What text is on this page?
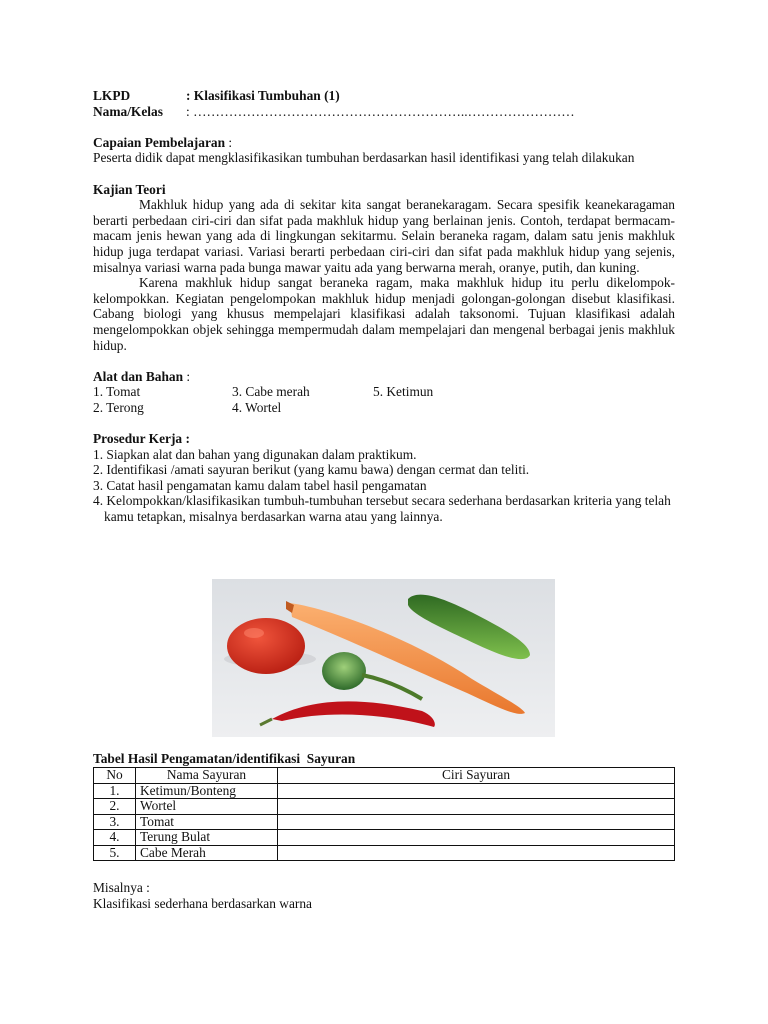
LKPD	: Klasifikasi Tumbuhan (1)
Nama/Kelas	: ……………………………………………………..……………………
Capaian Pembelajaran :
Peserta didik dapat mengklasifikasikan tumbuhan berdasarkan hasil identifikasi yang telah dilakukan
Kajian Teori

Makhluk hidup yang ada di sekitar kita sangat beranekaragam. Secara spesifik keanekaragaman berarti perbedaan ciri-ciri dan sifat pada makhluk hidup yang berlainan jenis. Contoh, terdapat bermacam-macam jenis hewan yang ada di lingkungan sekitarmu. Selain beraneka ragam, dalam satu jenis makhluk hidup juga terdapat variasi. Variasi berarti perbedaan ciri-ciri dan sifat pada makhluk hidup yang sejenis, misalnya variasi warna pada bunga mawar yaitu ada yang berwarna merah, oranye, putih, dan kuning.

Karena makhluk hidup sangat beraneka ragam, maka makhluk hidup itu perlu dikelompok-kelompokkan. Kegiatan pengelompokan makhluk hidup menjadi golongan-golongan disebut klasifikasi. Cabang biologi yang khusus mempelajari klasifikasi adalah taksonomi. Tujuan klasifikasi adalah mengelompokkan objek sehingga mempermudah dalam mempelajari dan mengenal berbagai jenis makhluk hidup.

Alat dan Bahan :
1. Tomat	3. Cabe merah	5. Ketimun
2. Terong	4. Wortel
Prosedur Kerja :
1. Siapkan alat dan bahan yang digunakan dalam praktikum.
2. Identifikasi /amati sayuran berikut (yang kamu bawa) dengan cermat dan teliti.
3. Catat hasil pengamatan kamu dalam tabel hasil pengamatan
4. Kelompokkan/klasifikasikan tumbuh-tumbuhan tersebut secara sederhana berdasarkan kriteria yang telah kamu tetapkan, misalnya berdasarkan warna atau yang lainnya.
Tabel Hasil Pengamatan/identifikasi  Sayuran
No	Nama Sayuran	Ciri Sayuran
1.	Ketimun/Bonteng	
2.	Wortel	
3.	Tomat	
4.	Terung Bulat	
5.	Cabe Merah	
Misalnya :
Klasifikasi sederhana berdasarkan warna
